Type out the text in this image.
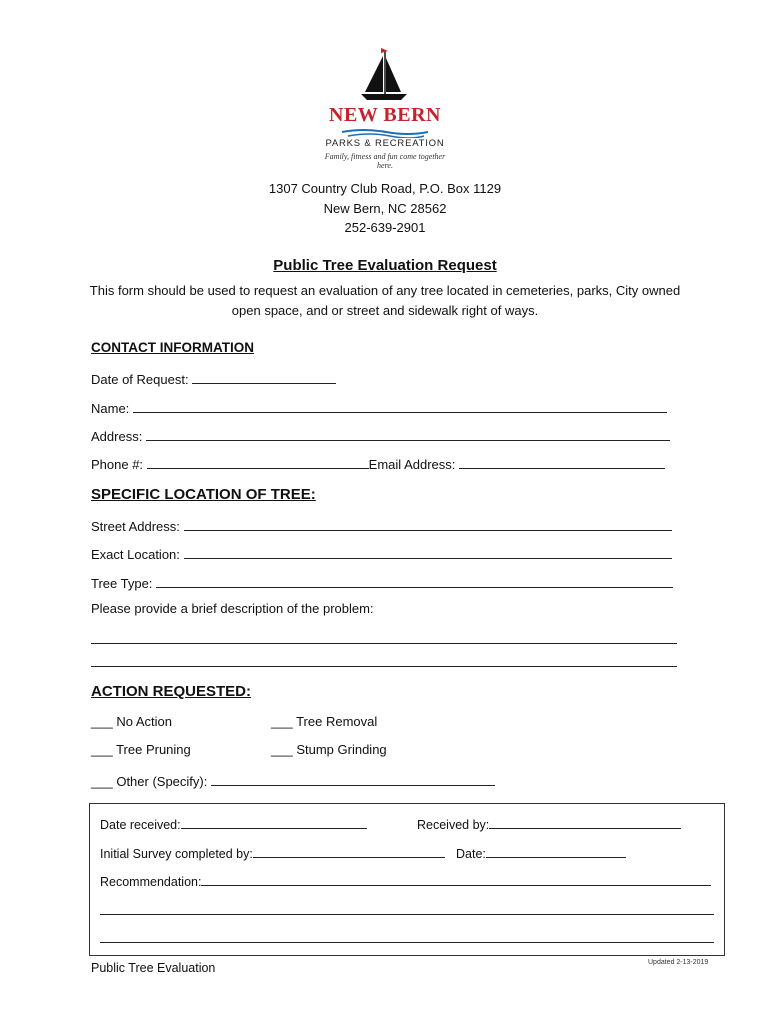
NEW BERN
PARKS & RECREATION
Family, fitness and fun come together here.
1307 Country Club Road, P.O. Box 1129
New Bern, NC 28562
252-639-2901
Public Tree Evaluation Request
This form should be used to request an evaluation of any tree located in cemeteries, parks, City owned open space, and or street and sidewalk right of ways.
CONTACT INFORMATION
Date of Request:
Name:
Address:
Phone #:	Email Address:
SPECIFIC LOCATION OF TREE:
Street Address:
Exact Location:
Tree Type:
Please provide a brief description of the problem:
ACTION REQUESTED:
___ No Action	___ Tree Removal
___ Tree Pruning	___ Stump Grinding
___ Other (Specify):
Date received:	Received by:
Initial Survey completed by:	Date:
Recommendation:
Public Tree Evaluation	Updated 2-13-2019
